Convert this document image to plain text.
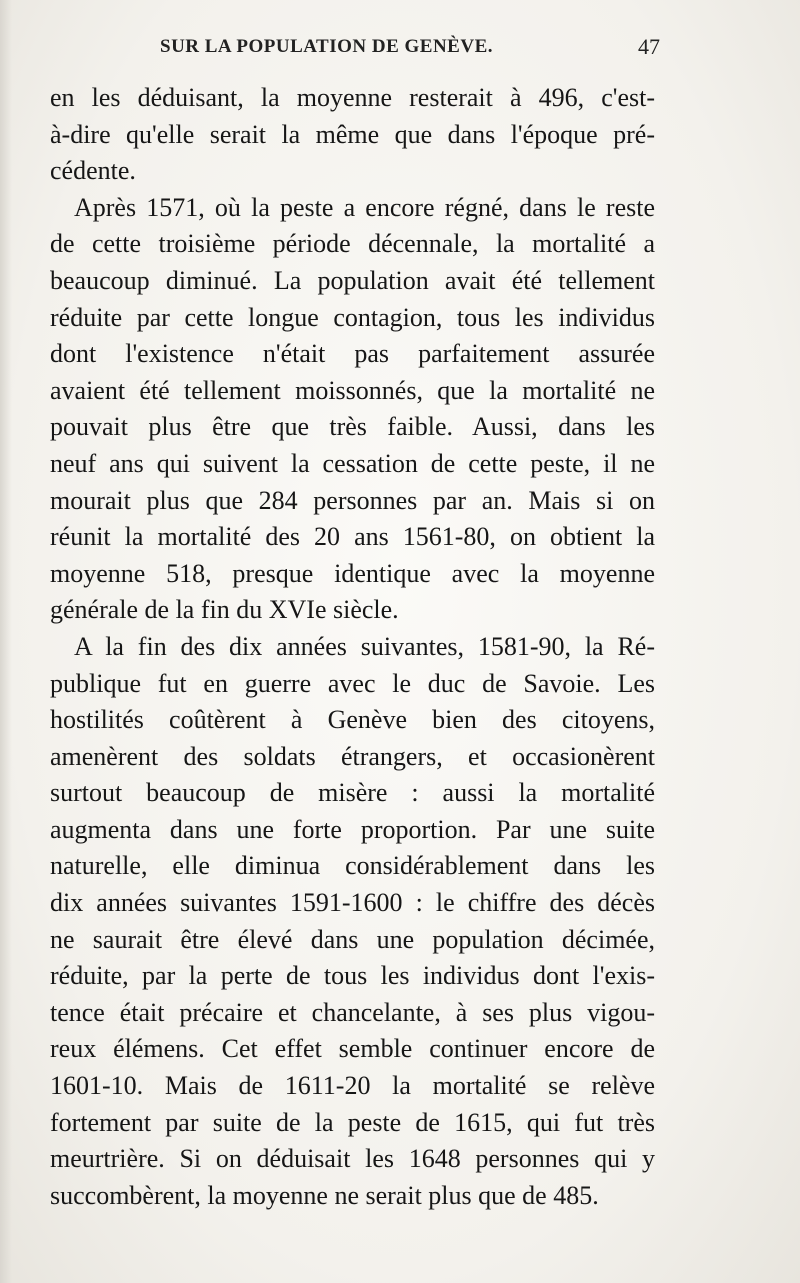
SUR LA POPULATION DE GENÈVE.	47
en les déduisant, la moyenne resterait à 496, c'est-
à-dire qu'elle serait la même que dans l'époque pré-
cédente.
Après 1571, où la peste a encore régné, dans le reste
de cette troisième période décennale, la mortalité a
beaucoup diminué. La population avait été tellement
réduite par cette longue contagion, tous les individus
dont l'existence n'était pas parfaitement assurée
avaient été tellement moissonnés, que la mortalité ne
pouvait plus être que très faible. Aussi, dans les
neuf ans qui suivent la cessation de cette peste, il ne
mourait plus que 284 personnes par an. Mais si on
réunit la mortalité des 20 ans 1561-80, on obtient la
moyenne 518, presque identique avec la moyenne
générale de la fin du XVIe siècle.
A la fin des dix années suivantes, 1581-90, la Ré-
publique fut en guerre avec le duc de Savoie. Les
hostilités coûtèrent à Genève bien des citoyens,
amenèrent des soldats étrangers, et occasionèrent
surtout beaucoup de misère : aussi la mortalité
augmenta dans une forte proportion. Par une suite
naturelle, elle diminua considérablement dans les
dix années suivantes 1591-1600 : le chiffre des décès
ne saurait être élevé dans une population décimée,
réduite, par la perte de tous les individus dont l'exis-
tence était précaire et chancelante, à ses plus vigou-
reux élémens. Cet effet semble continuer encore de
1601-10. Mais de 1611-20 la mortalité se relève
fortement par suite de la peste de 1615, qui fut très
meurtrière. Si on déduisait les 1648 personnes qui y
succombèrent, la moyenne ne serait plus que de 485.
